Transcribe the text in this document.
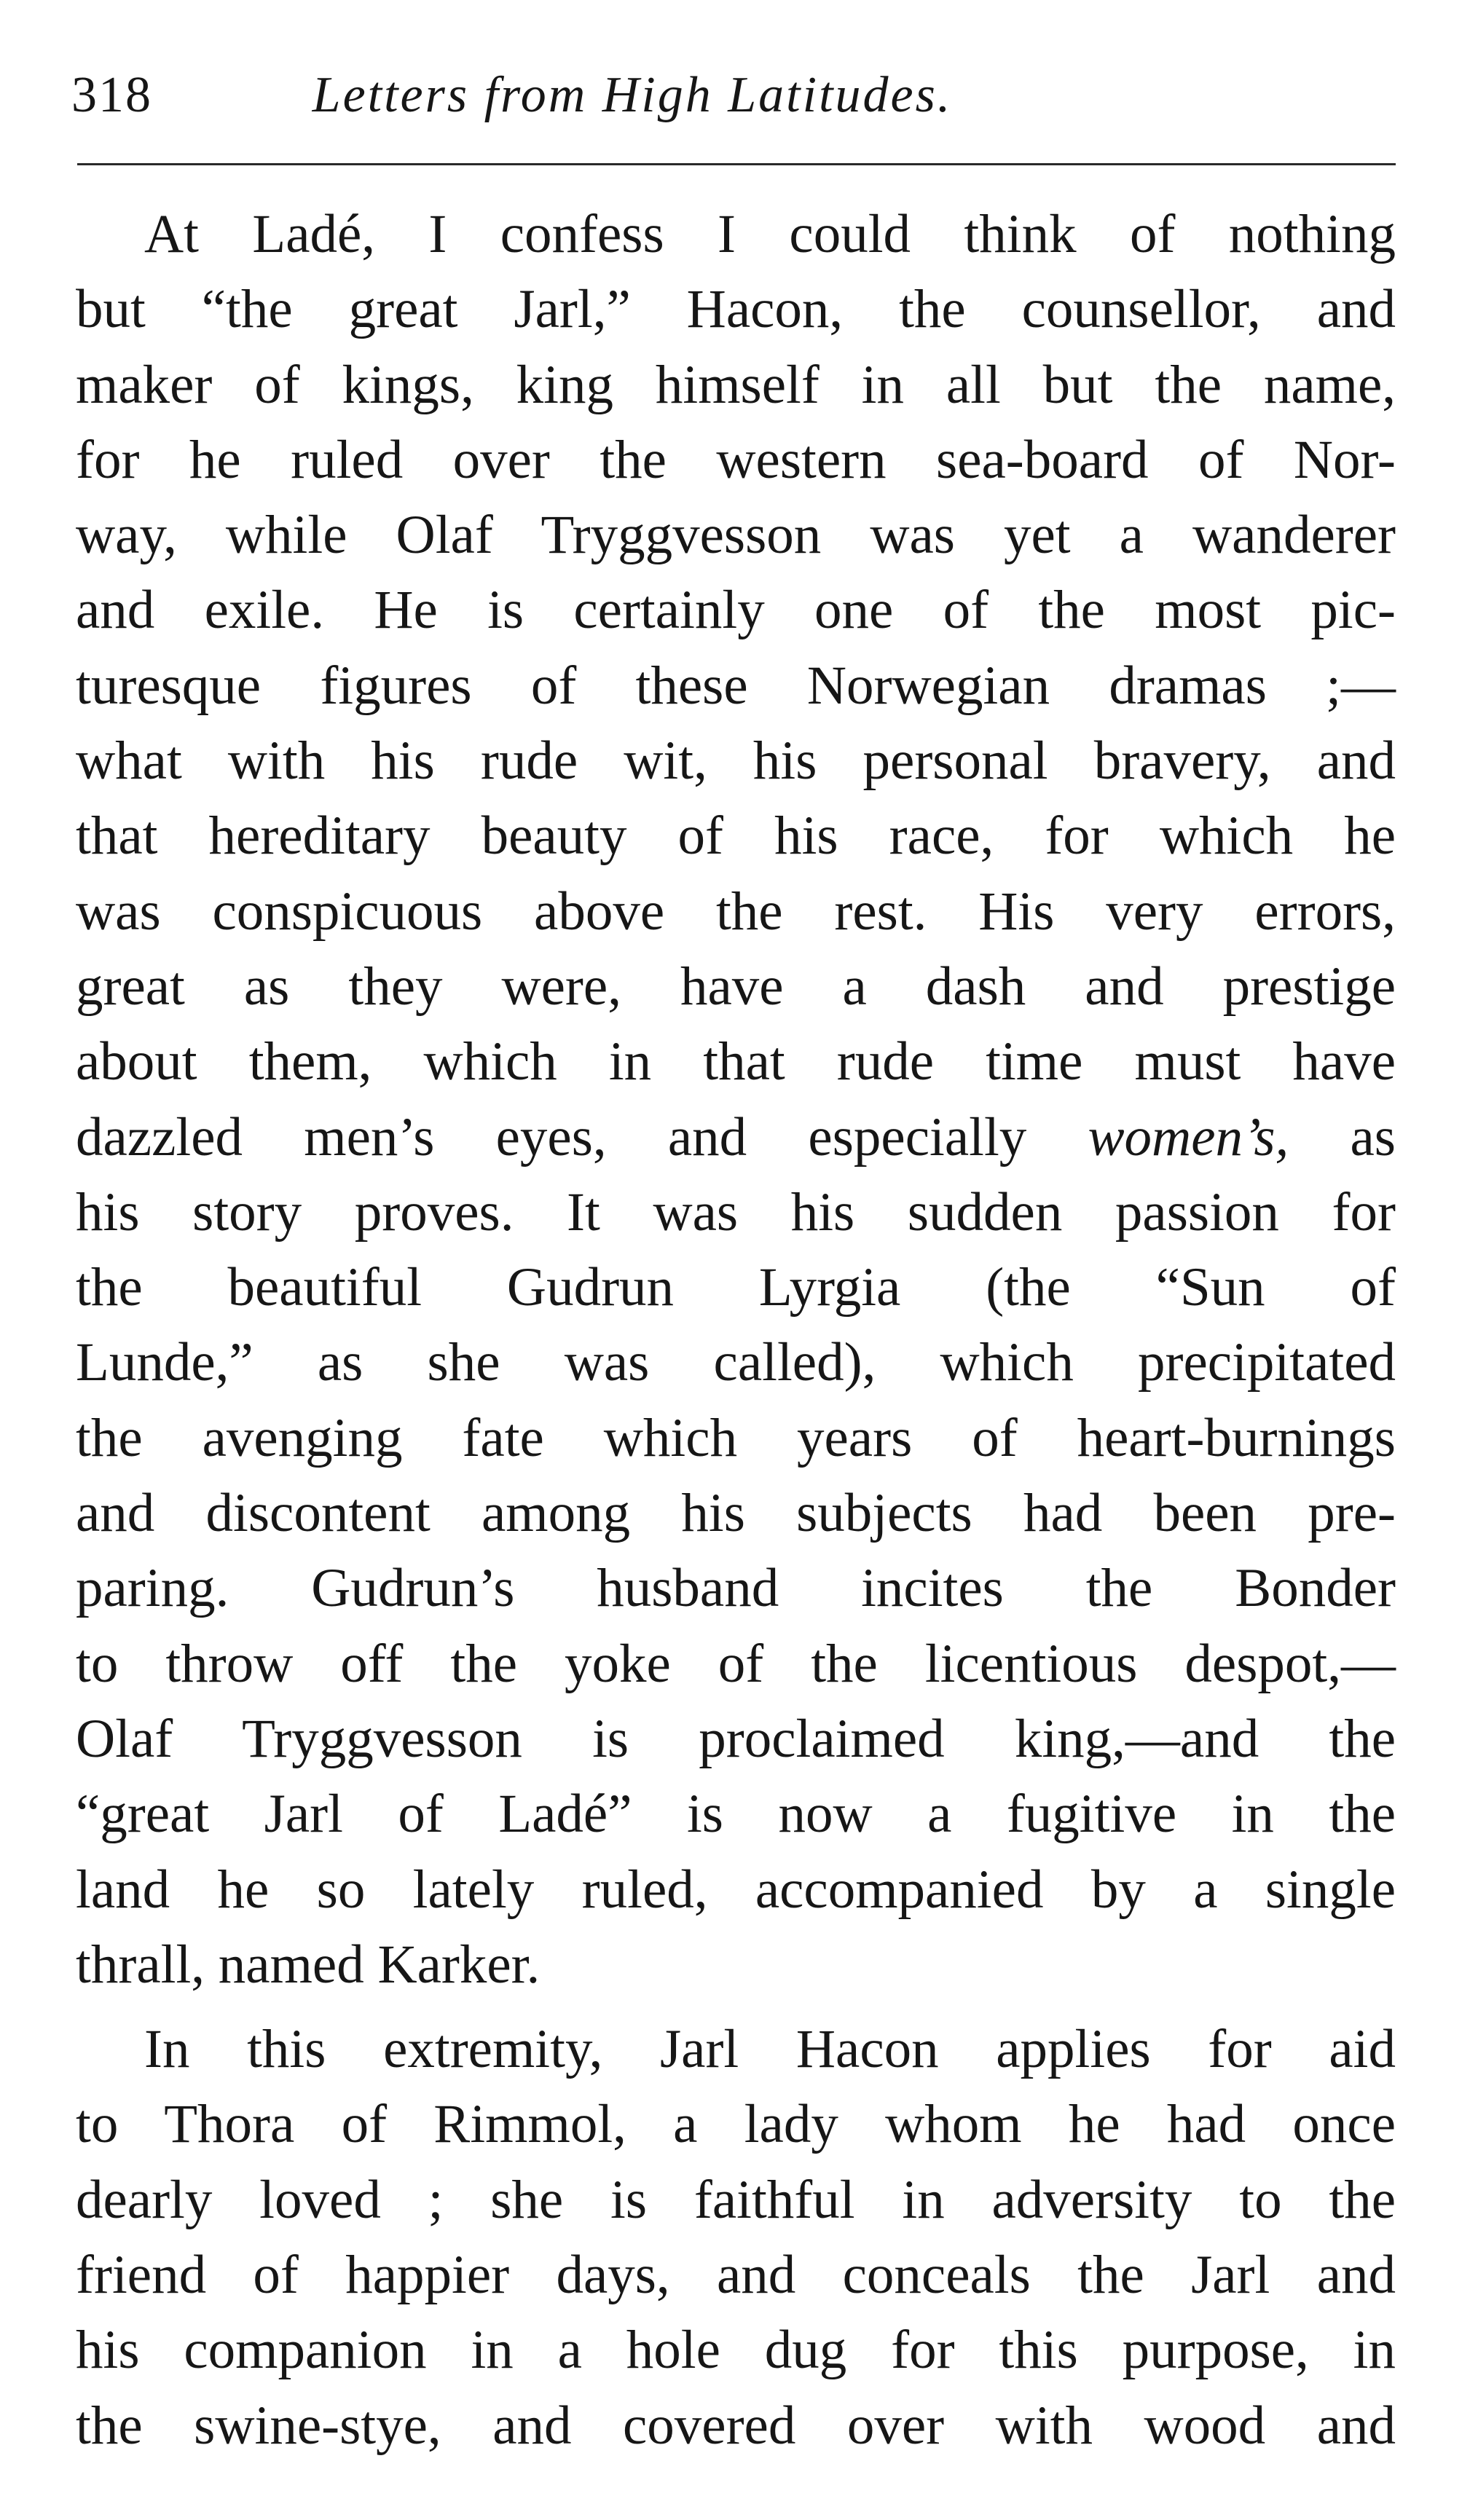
318	Letters from High Latitudes.
At Ladé, I confess I could think of nothing
but “the great Jarl,” Hacon, the counsellor, and
maker of kings, king himself in all but the name,
for he ruled over the western sea-board of Nor-
way, while Olaf Tryggvesson was yet a wanderer
and exile. He is certainly one of the most pic-
turesque figures of these Norwegian dramas ;—
what with his rude wit, his personal bravery, and
that hereditary beauty of his race, for which he
was conspicuous above the rest. His very errors,
great as they were, have a dash and prestige
about them, which in that rude time must have
dazzled men’s eyes, and especially women’s, as
his story proves. It was his sudden passion for
the beautiful Gudrun Lyrgia (the “Sun of
Lunde,” as she was called), which precipitated
the avenging fate which years of heart-burnings
and discontent among his subjects had been pre-
paring. Gudrun’s husband incites the Bonder
to throw off the yoke of the licentious despot,—
Olaf Tryggvesson is proclaimed king,—and the
“great Jarl of Ladé” is now a fugitive in the
land he so lately ruled, accompanied by a single
thrall, named Karker.
In this extremity, Jarl Hacon applies for aid
to Thora of Rimmol, a lady whom he had once
dearly loved ; she is faithful in adversity to the
friend of happier days, and conceals the Jarl and
his companion in a hole dug for this purpose, in
the swine-stye, and covered over with wood and
